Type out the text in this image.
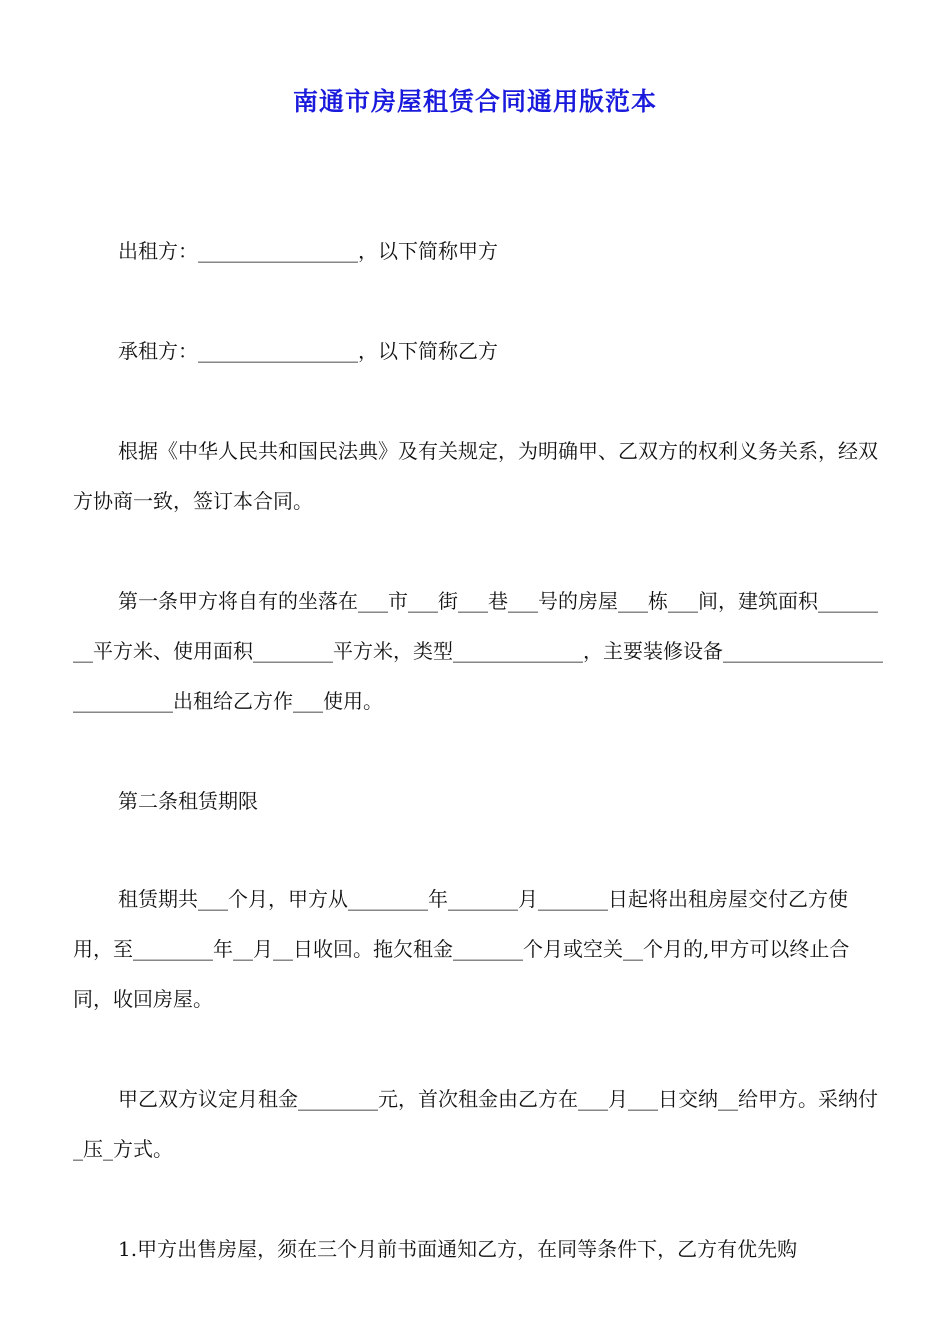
南通市房屋租赁合同通用版范本

出租方：________________，以下简称甲方

承租方：________________，以下简称乙方

根据《中华人民共和国民法典》及有关规定，为明确甲、乙双方的权利义务关系，经双方协商一致，签订本合同。

第一条甲方将自有的坐落在___市___街___巷___号的房屋___栋___间，建筑面积________平方米、使用面积________平方米，类型_____________，主要装修设备__________________________出租给乙方作___使用。

第二条租赁期限

租赁期共___个月，甲方从________年_______月_______日起将出租房屋交付乙方使用，至________年__月__日收回。拖欠租金_______个月或空关__个月的,甲方可以终止合同，收回房屋。

甲乙双方议定月租金________元，首次租金由乙方在___月___日交纳__给甲方。采纳付_压_方式。

1.甲方出售房屋，须在三个月前书面通知乙方，在同等条件下，乙方有优先购
